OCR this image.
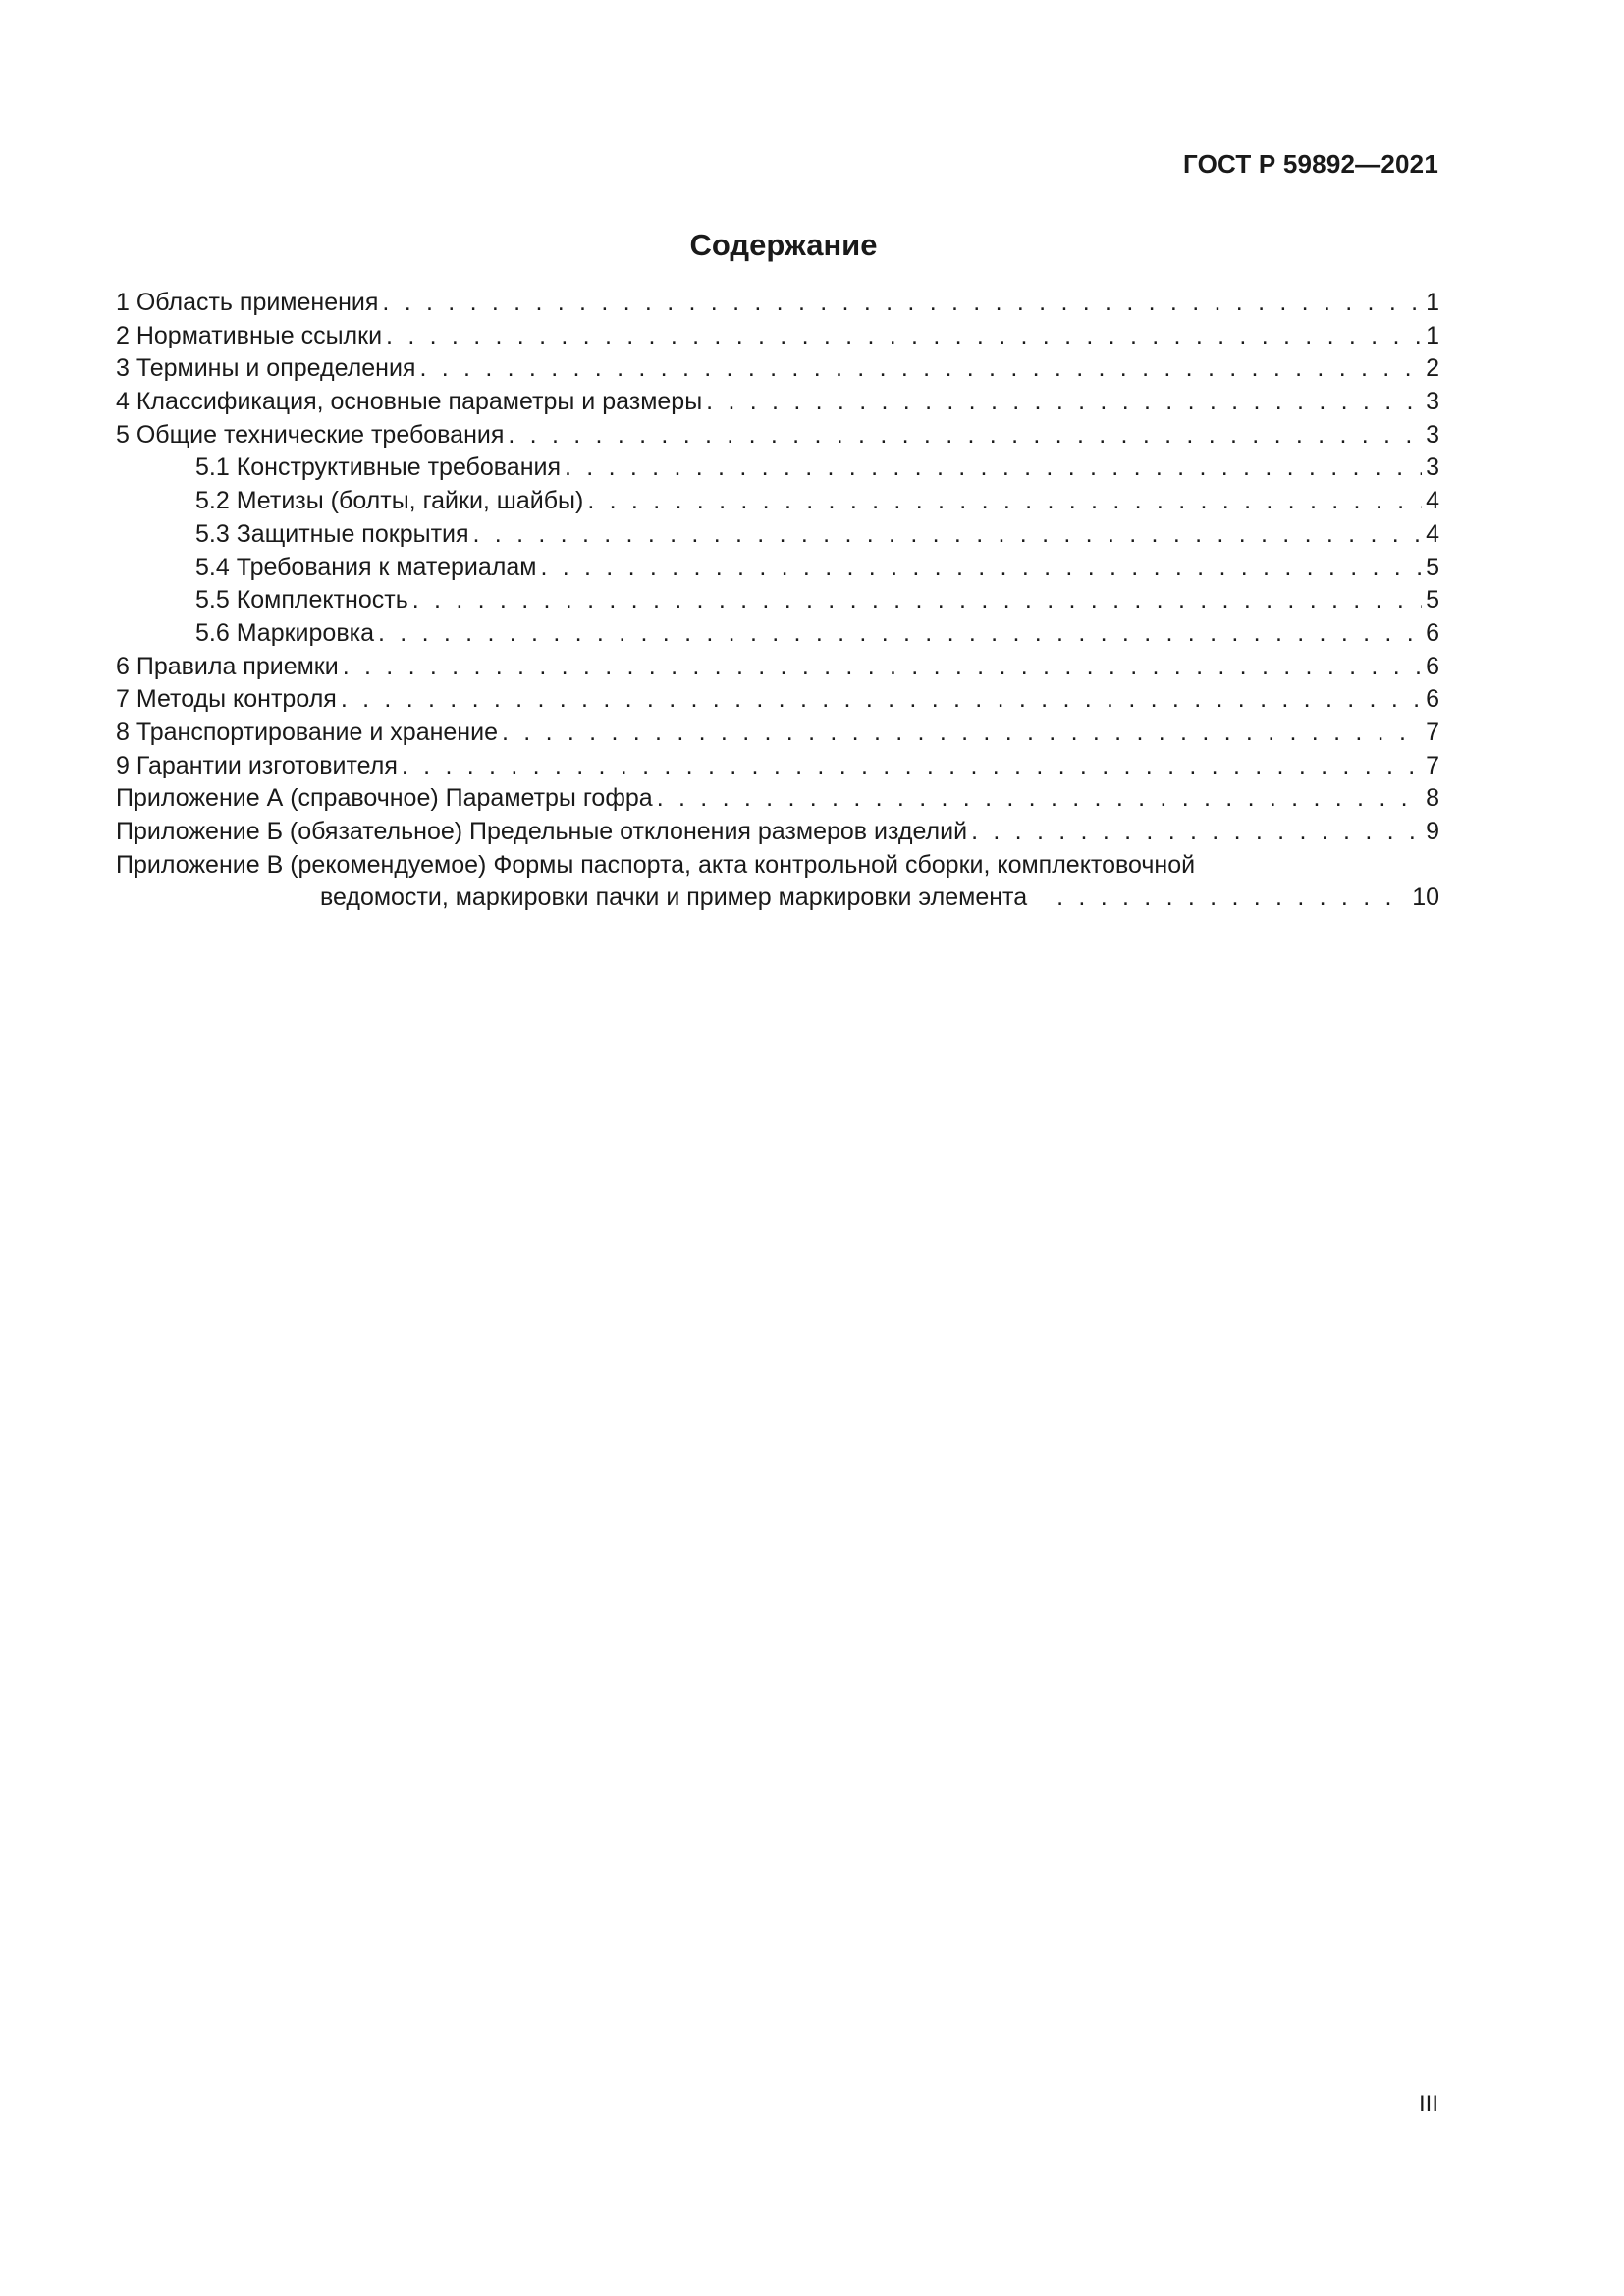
ГОСТ Р 59892—2021
Содержание
1 Область применения . . .	1
2 Нормативные ссылки . . .	1
3 Термины и определения . . .	2
4 Классификация, основные параметры и размеры . . .	3
5 Общие технические требования . . .	3
5.1 Конструктивные требования . . .	3
5.2 Метизы (болты, гайки, шайбы) . . .	4
5.3 Защитные покрытия . . .	4
5.4 Требования к материалам . . .	5
5.5 Комплектность . . .	5
5.6 Маркировка . . .	6
6 Правила приемки . . .	6
7 Методы контроля . . .	6
8 Транспортирование и хранение . . .	7
9 Гарантии изготовителя . . .	7
Приложение А (справочное) Параметры гофра . . .	8
Приложение Б (обязательное) Предельные отклонения размеров изделий . . .	9
Приложение В (рекомендуемое) Формы паспорта, акта контрольной сборки, комплектовочной
ведомости, маркировки пачки и пример маркировки элемента . . .	10
III
